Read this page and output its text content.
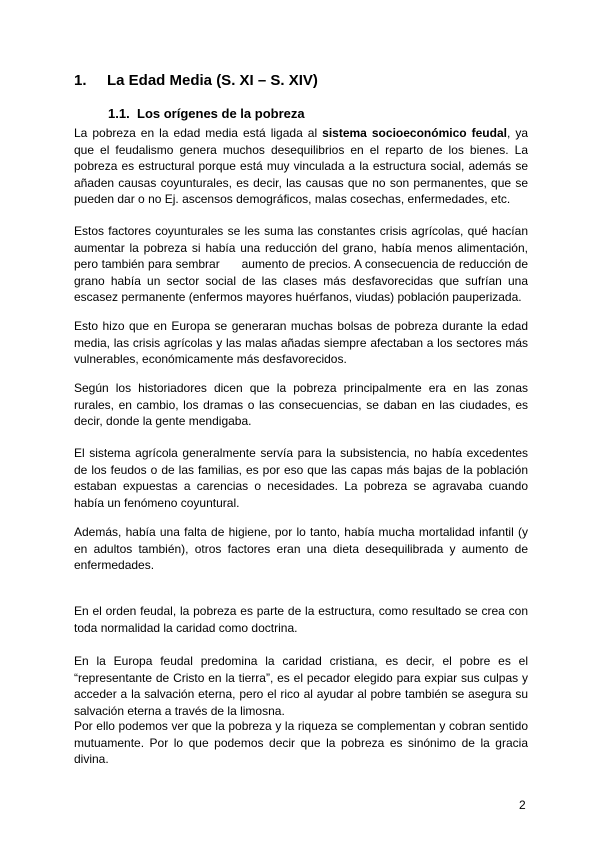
1. La Edad Media (S. XI – S. XIV)
1.1. Los orígenes de la pobreza
La pobreza en la edad media está ligada al sistema socioeconómico feudal, ya
que el feudalismo genera muchos desequilibrios en el reparto de los bienes. La
pobreza es estructural porque está muy vinculada a la estructura social, además se
añaden causas coyunturales, es decir, las causas que no son permanentes, que se
pueden dar o no Ej. ascensos demográficos, malas cosechas, enfermedades, etc.
Estos factores coyunturales se les suma las constantes crisis agrícolas, qué hacían
aumentar la pobreza si había una reducción del grano, había menos alimentación,
pero también para sembrar      aumento de precios. A consecuencia de reducción de
grano había un sector social de las clases más desfavorecidas que sufrían una
escasez permanente (enfermos mayores huérfanos, viudas) población pauperizada.
Esto hizo que en Europa se generaran muchas bolsas de pobreza durante la edad
media, las crisis agrícolas y las malas añadas siempre afectaban a los sectores más
vulnerables, económicamente más desfavorecidos.
Según los historiadores dicen que la pobreza principalmente era en las zonas
rurales, en cambio, los dramas o las consecuencias, se daban en las ciudades, es
decir, donde la gente mendigaba.
El sistema agrícola generalmente servía para la subsistencia, no había excedentes
de los feudos o de las familias, es por eso que las capas más bajas de la población
estaban expuestas a carencias o necesidades. La pobreza se agravaba cuando
había un fenómeno coyuntural.
Además, había una falta de higiene, por lo tanto, había mucha mortalidad infantil (y
en adultos también), otros factores eran una dieta desequilibrada y aumento de
enfermedades.
En el orden feudal, la pobreza es parte de la estructura, como resultado se crea con
toda normalidad la caridad como doctrina.
En la Europa feudal predomina la caridad cristiana, es decir, el pobre es el
“representante de Cristo en la tierra”, es el pecador elegido para expiar sus culpas y
acceder a la salvación eterna, pero el rico al ayudar al pobre también se asegura su
salvación eterna a través de la limosna.
Por ello podemos ver que la pobreza y la riqueza se complementan y cobran sentido
mutuamente. Por lo que podemos decir que la pobreza es sinónimo de la gracia
divina.
2
